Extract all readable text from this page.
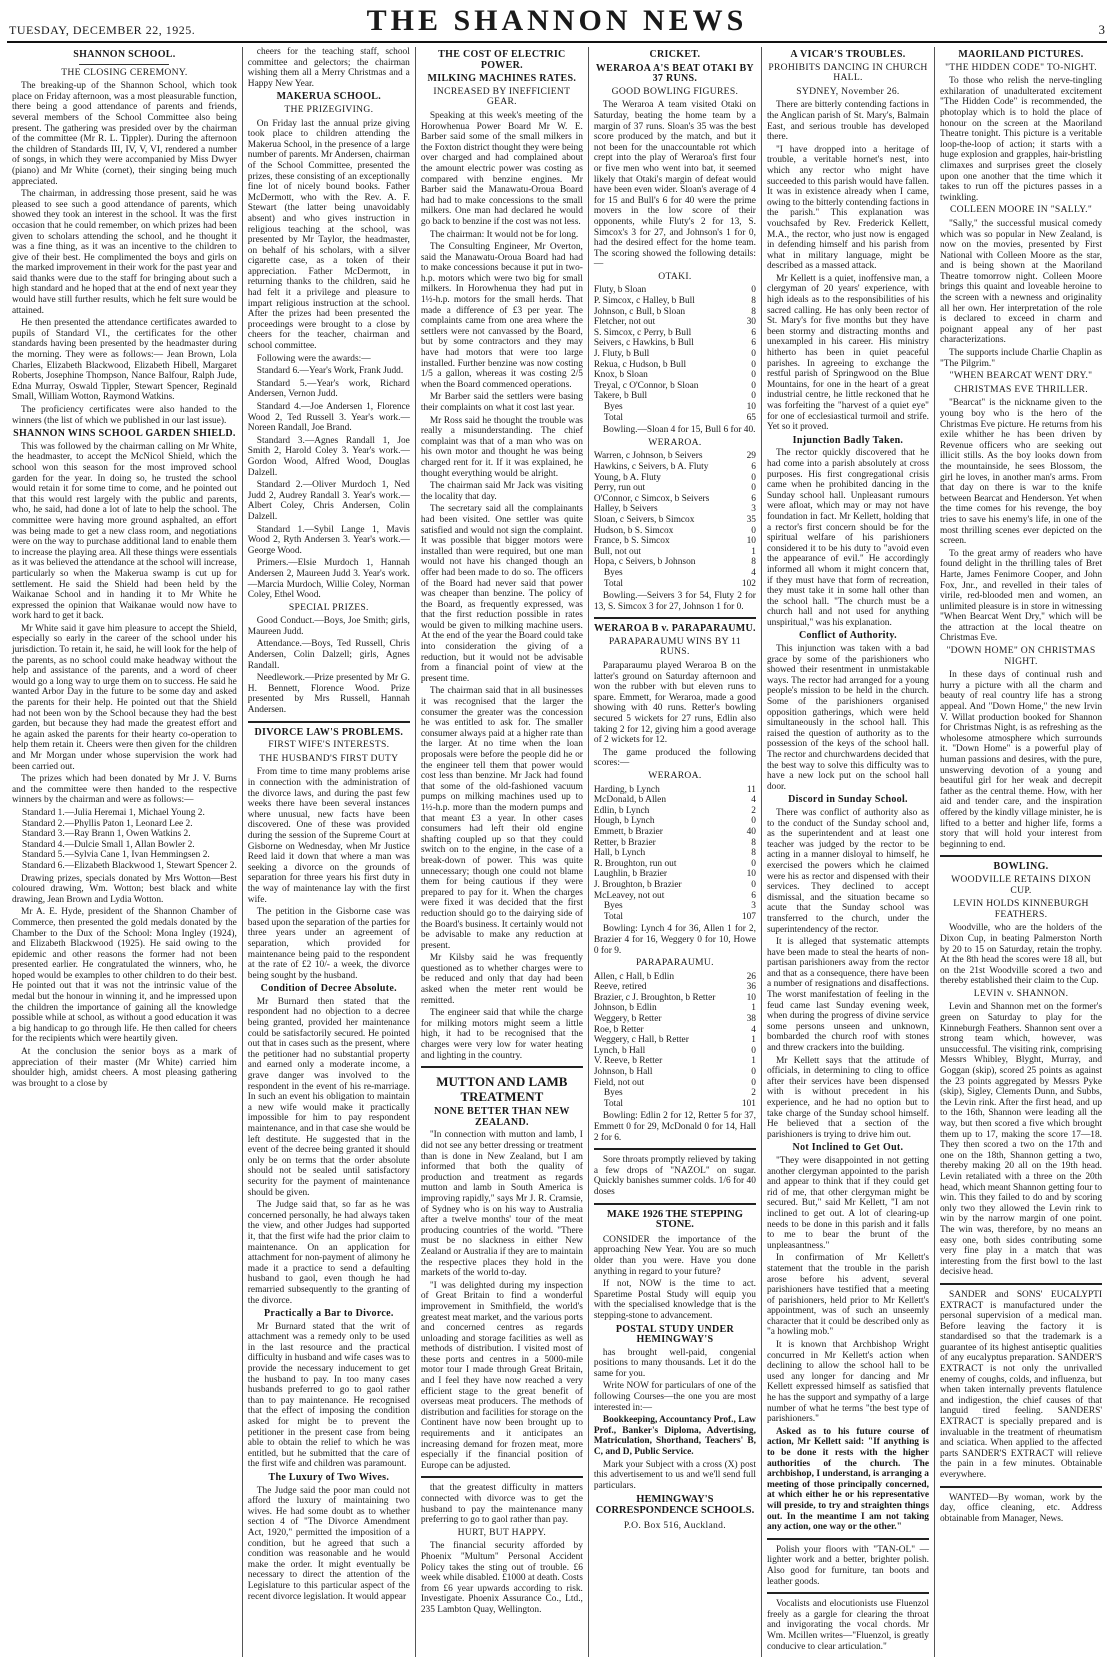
TUESDAY, DECEMBER 22, 1925.	THE SHANNON NEWS	3
SHANNON SCHOOL.
THE CLOSING CEREMONY.

The breaking-up of the Shannon School, which took place on Friday afternoon, was a most pleasurable function, there being a good attendance of parents and friends, several members of the School Committee also being present. The gathering was presided over by the chairman of the committee (Mr R. L. Tippler). During the afternoon the children of Standards III, IV, V, VI, rendered a number of songs, in which they were accompanied by Miss Dwyer (piano) and Mr White (cornet), their singing being much appreciated.

The chairman, in addressing those present, said he was pleased to see such a good attendance of parents, which showed they took an interest in the school. It was the first occasion that he could remember, on which prizes had been given to scholars attending the school, and he thought it was a fine thing, as it was an incentive to the children to give of their best. He complimented the boys and girls on the marked improvement in their work for the past year and said thanks were due to the staff for bringing about such a high standard and he hoped that at the end of next year they would have still further results, which he felt sure would be attained.

He then presented the attendance certificates awarded to pupils of Standard VI., the certificates for the other standards having been presented by the headmaster during the morning. They were as follows:— Jean Brown, Lola Charles, Elizabeth Blackwood, Elizabeth Hibell, Margaret Roberts, Josephine Thompson, Nance Balfour, Ralph Jude, Edna Murray, Oswald Tippler, Stewart Spencer, Reginald Small, William Wotton, Raymond Watkins.

The proficiency certificates were also handed to the winners (the list of which we published in our last issue).

SHANNON WINS SCHOOL GARDEN SHIELD.

This was followed by the chairman calling on Mr White, the headmaster, to accept the McNicol Shield, which the school won this season for the most improved school garden for the year. In doing so, he trusted the school would retain it for some time to come, and he pointed out that this would rest largely with the public and parents, who, he said, had done a lot of late to help the school. The committee were having more ground asphalted, an effort was being made to get a new class room, and negotiations were on the way to purchase additional land to enable them to increase the playing area. All these things were essentials as it was believed the attendance at the school will increase, particularly so when the Makerua swamp is cut up for settlement. He said the Shield had been held by the Waikanae School and in handing it to Mr White he expressed the opinion that Waikanae would now have to work hard to get it back.

Mr White said it gave him pleasure to accept the Shield, especially so early in the career of the school under his jurisdiction. To retain it, he said, he will look for the help of the parents, as no school could make headway without the help and assistance of the parents, and a word of cheer would go a long way to urge them on to success. He said he wanted Arbor Day in the future to be some day and asked the parents for their help. He pointed out that the Shield had not been won by the School because they had the best garden, but because they had made the greatest effort and he again asked the parents for their hearty co-operation to help them retain it. Cheers were then given for the children and Mr Morgan under whose supervision the work had been carried out.

The prizes which had been donated by Mr J. V. Burns and the committee were then handed to the respective winners by the chairman and were as follows:—

Standard 1.—Julia Heremai 1, Michael Young 2.
Standard 2.—Phyllis Paton 1, Leonard Lee 2.
Standard 3.—Ray Brann 1, Owen Watkins 2.
Standard 4.—Dulcie Small 1, Allan Bowler 2.
Standard 5.—Sylvia Cane 1, Ivan Hemmingsen 2.
Standard 6.—Elizabeth Blackwood 1, Stewart Spencer 2.

Drawing prizes, specials donated by Mrs Wotton—Best coloured drawing, Wm. Wotton; best black and white drawing, Jean Brown and Lydia Wotton.

Mr A. E. Hyde, president of the Shannon Chamber of Commerce, then presented the gold medals donated by the Chamber to the Dux of the School: Mona Ingley (1924), and Elizabeth Blackwood (1925). He said owing to the epidemic and other reasons the former had not been presented earlier. He congratulated the winners, who, he hoped would be examples to other children to do their best. He pointed out that it was not the intrinsic value of the medal but the honour in winning it, and he impressed upon the children the importance of gaining all the knowledge possible while at school, as without a good education it was a big handicap to go through life. He then called for cheers for the recipients which were heartily given.

At the conclusion the senior boys as a mark of appreciation of their master (Mr White) carried him shoulder high, amidst cheers. A most pleasing gathering was brought to a close by

cheers for the teaching staff, school committee and gelectors; the chairman wishing them all a Merry Christmas and a Happy New Year.

MAKERUA SCHOOL.
THE PRIZEGIVING.

On Friday last the annual prize giving took place to children attending the Makerua School, in the presence of a large number of parents. Mr Andersen, chairman of the School Committee, presented the prizes, these consisting of an exceptionally fine lot of nicely bound books. Father McDermott, who with the Rev. A. F. Stewart (the latter being unavoidably absent) and who gives instruction in religious teaching at the school, was presented by Mr Taylor, the headmaster, on behalf of his scholars, with a silver cigarette case, as a token of their appreciation. Father McDermott, in returning thanks to the children, said he had felt it a privilege and pleasure to impart religious instruction at the school. After the prizes had been presented the proceedings were brought to a close by cheers for the teacher, chairman and school committee.

Following were the awards:—

Standard 6.—Year's Work, Frank Judd.

Standard 5.—Year's work, Richard Andersen, Vernon Judd.

Standard 4.—Joe Andersen 1, Florence Wood 2, Ted Russell 3. Year's work.—Noreen Randall, Joe Brand.

Standard 3.—Agnes Randall 1, Joe Smith 2, Harold Coley 3. Year's work.—Gordon Wood, Alfred Wood, Douglas Dalzell.

Standard 2.—Oliver Murdoch 1, Ned Judd 2, Audrey Randall 3. Year's work.—Albert Coley, Chris Andersen, Colin Dalzell.

Standard 1.—Sybil Lange 1, Mavis Wood 2, Ryth Andersen 3. Year's work.—George Wood.

Primers.—Elsie Murdoch 1, Hannah Andersen 2, Maureen Judd 3. Year's work.—Marcia Murdoch, Willie Coley, Norman Coley, Ethel Wood.

SPECIAL PRIZES.

Good Conduct.—Boys, Joe Smith; girls, Maureen Judd.

Attendance.—Boys, Ted Russell, Chris Andersen, Colin Dalzell; girls, Agnes Randall.

Needlework.—Prize presented by Mr G. H. Bennett, Florence Wood. Prize presented by Mrs Russell, Hannah Andersen.

DIVORCE LAW'S PROBLEMS.
FIRST WIFE'S INTERESTS.
THE HUSBAND'S FIRST DUTY

From time to time many problems arise in connection with the administration of the divorce laws, and during the past few weeks there have been several instances where unusual, new facts have been discovered. One of these was provided during the session of the Supreme Court at Gisborne on Wednesday, when Mr Justice Reed laid it down that where a man was seeking a divorce on the grounds of separation for three years his first duty in the way of maintenance lay with the first wife.

The petition in the Gisborne case was based upon the separation of the parties for three years under an agreement of separation, which provided for maintenance being paid to the respondent at the rate of £2 10/- a week, the divorce being sought by the husband.

Condition of Decree Absolute.

Mr Burnard then stated that the respondent had no objection to a decree being granted, provided her maintenance could be satisfactorily secured. He pointed out that in cases such as the present, where the petitioner had no substantial property and earned only a moderate income, a grave danger was involved to the respondent in the event of his re-marriage. In such an event his obligation to maintain a new wife would make it practically impossible for him to pay respondent maintenance, and in that case she would be left destitute. He suggested that in the event of the decree being granted it should only be on terms that the order absolute should not be sealed until satisfactory security for the payment of maintenance should be given.

The Judge said that, so far as he was concerned personally, he had always taken the view, and other Judges had supported it, that the first wife had the prior claim to maintenance. On an application for attachment for non-payment of alimony he made it a practice to send a defaulting husband to gaol, even though he had remarried subsequently to the granting of the divorce.

Practically a Bar to Divorce.

Mr Burnard stated that the writ of attachment was a remedy only to be used in the last resource and the practical difficulty in husband and wife cases was to provide the necessary inducement to get the husband to pay. In too many cases husbands preferred to go to gaol rather than to pay maintenance. He recognised that the effect of imposing the condition asked for might be to prevent the petitioner in the present case from being able to obtain the relief to which he was entitled, but he submitted that the care of the first wife and children was paramount.

The Luxury of Two Wives.

The Judge said the poor man could not afford the luxury of maintaining two wives. He had some doubt as to whether section 4 of "The Divorce Amendment Act, 1920," permitted the imposition of a condition, but he agreed that such a condition was reasonable and he would make the order. It might eventually be necessary to direct the attention of the Legislature to this particular aspect of the recent divorce legislation. It would appear

THE COST OF ELECTRIC POWER.
MILKING MACHINES RATES.
INCREASED BY INEFFICIENT GEAR.

Speaking at this week's meeting of the Horowhenua Power Board Mr W. E. Barber said some of the small milkers in the Foxton district thought they were being over charged and had complained about the amount electric power was costing as compared with benzine engines. Mr Barber said the Manawatu-Oroua Board had had to make concessions to the small milkers. One man had declared he would go back to benzine if the cost was not less.

The chairman: It would not be for long.

The Consulting Engineer, Mr Overton, said the Manawatu-Oroua Board had had to make concessions because it put in two-h.p. motors which were two big for small milkers. In Horowhenua they had put in 1½-h.p. motors for the small herds. That made a difference of £3 per year. The complaints came from one area where the settlers were not canvassed by the Board, but by some contractors and they may have had motors that were too large installed. Further benzine was now costing 1/5 a gallon, whereas it was costing 2/5 when the Board commenced operations.

Mr Barber said the settlers were basing their complaints on what it cost last year.

Mr Ross said he thought the trouble was really a misunderstanding. The chief complaint was that of a man who was on his own motor and thought he was being charged rent for it. If it was explained, he thought everything would be alright.

The chairman said Mr Jack was visiting the locality that day.

The secretary said all the complainants had been visited. One settler was quite satisfied and would not sign the complaint. It was possible that bigger motors were installed than were required, but one man would not have his changed though an offer had been made to do so. The officers of the Board had never said that power was cheaper than benzine. The policy of the Board, as frequently expressed, was that the first reduction possible in rates would be given to milking machine users. At the end of the year the Board could take into consideration the giving of a reduction, but it would not be advisable from a financial point of view at the present time.

The chairman said that in all businesses it was recognised that the larger the consumer the greater was the concession he was entitled to ask for. The smaller consumer always paid at a higher rate than the larger. At no time when the loan proposals were before the people did he or the engineer tell them that power would cost less than benzine. Mr Jack had found that some of the old-fashioned vacuum pumps on milking machines used up to 1½-h.p. more than the modern pumps and that meant £3 a year. In other cases consumers had left their old engine shafting coupled up so that they could switch on to the engine, in the case of a break-down of power. This was quite unnecessary; though one could not blame them for being cautious if they were prepared to pay for it. When the charges were fixed it was decided that the first reduction should go to the dairying side of the Board's business. It certainly would not be advisable to make any reduction at present.

Mr Kilsby said he was frequently questioned as to whether charges were to be reduced and only that day had been asked when the meter rent would be remitted.

The engineer said that while the charge for milking motors might seem a little high, it had to be recognised that the charges were very low for water heating and lighting in the country.

MUTTON AND LAMB TREATMENT
NONE BETTER THAN NEW ZEALAND.

"In connection with mutton and lamb, I did not see any better dressing or treatment than is done in New Zealand, but I am informed that both the quality of production and treatment as regards mutton and lamb in South America is improving rapidly," says Mr J. R. Cramsie, of Sydney who is on his way to Australia after a twelve months' tour of the meat producing countries of the world. "There must be no slackness in either New Zealand or Australia if they are to maintain the respective places they hold in the markets of the world to-day.

"I was delighted during my inspection of Great Britain to find a wonderful improvement in Smithfield, the world's greatest meat market, and the various ports and concerned centres as regards unloading and storage facilities as well as methods of distribution. I visited most of these ports and centres in a 5000-mile motor tour I made through Great Britain, and I feel they have now reached a very efficient stage to the great benefit of overseas meat producers. The methods of distribution and facilities for storage on the Continent have now been brought up to requirements and it anticipates an increasing demand for frozen meat, more especially if the financial position of Europe can be adjusted.

that the greatest difficulty in matters connected with divorce was to get the husband to pay the maintenance many preferring to go to gaol rather than pay.

HURT, BUT HAPPY.

The financial security afforded by Phoenix "Multum" Personal Accident Policy takes the sting out of trouble. £6 week while disabled. £1000 at death. Costs from £6 year upwards according to risk. Investigate. Phoenix Assurance Co., Ltd., 235 Lambton Quay, Wellington.

CRICKET.
WERAROA A'S BEAT OTAKI BY 37 RUNS.
GOOD BOWLING FIGURES.

The Weraroa A team visited Otaki on Saturday, beating the home team by a margin of 37 runs. Sloan's 35 was the best score produced by the match, and but it not been for the unaccountable rot which crept into the play of Weraroa's first four or five men who went into bat, it seemed likely that Otaki's margin of defeat would have been even wider. Sloan's average of 4 for 15 and Bull's 6 for 40 were the prime movers in the low score of their opponents, while Fluty's 2 for 13, S. Simcox's 3 for 27, and Johnson's 1 for 0, had the desired effect for the home team. The scoring showed the following details:—

OTAKI.
Fluty, b Sloan	0
P. Simcox, c Halley, b Bull	8
Johnson, c Bull, b Sloan	8
Fletcher, not out	30
S. Simcox, c Perry, b Bull	6
Seivers, c Hawkins, b Bull	6
J. Fluty, b Bull	0
Rekua, c Hudson, b Bull	0
Knox, b Sloan	0
Treyal, c O'Connor, b Sloan	0
Takere, b Bull	0
Byes	10
Total	65

Bowling.—Sloan 4 for 15, Bull 6 for 40.

WERAROA.
Warren, c Johnson, b Seivers	29
Hawkins, c Seivers, b A. Fluty	6
Young, b A. Fluty	0
Perry, run out	0
O'Connor, c Simcox, b Seivers	6
Halley, b Seivers	3
Sloan, c Seivers, b Simcox	35
Hudson, b S. Simcox	0
France, b S. Simcox	10
Bull, not out	1
Hopa, c Seivers, b Johnson	8
Byes	4
Total	102

Bowling.—Seivers 3 for 54, Fluty 2 for 13, S. Simcox 3 for 27, Johnson 1 for 0.

WERAROA B v. PARAPARAUMU.
PARAPARAUMU WINS BY 11 RUNS.

Paraparaumu played Weraroa B on the latter's ground on Saturday afternoon and won the rubber with but eleven runs to spare. Emmett, for Weraroa, made a good showing with 40 runs. Retter's bowling secured 5 wickets for 27 runs, Edlin also taking 2 for 12, giving him a good average of 2 wickets for 12.

The game produced the following scores:—

WERAROA.
Harding, b Lynch	11
McDonald, b Allen	4
Edlin, b Lynch	2
Hough, b Lynch	0
Emmett, b Brazier	40
Retter, b Brazier	8
Hall, b Lynch	8
R. Broughton, run out	0
Laughlin, b Brazier	10
J. Broughton, b Brazier	0
McLeavey, not out	6
Byes	3
Total	107

Bowling: Lynch 4 for 36, Allen 1 for 2, Brazier 4 for 16, Weggery 0 for 10, Howe 0 for 9.

PARAPARAUMU.
Allen, c Hall, b Edlin	26
Reeve, retired	36
Brazier, c J. Broughton, b Retter	10
Johnson, b Edlin	1
Weggery, b Retter	38
Roe, b Retter	4
Weggery, c Hall, b Retter	1
Lynch, b Hall	0
V. Reeve, b Retter	1
Johnson, b Hall	0
Field, not out	0
Byes	2
Total	101

Bowling: Edlin 2 for 12, Retter 5 for 37, Emmett 0 for 29, McDonald 0 for 14, Hall 2 for 6.

Sore throats promptly relieved by taking a few drops of "NAZOL" on sugar. Quickly banishes summer colds. 1/6 for 40 doses

MAKE 1926 THE STEPPING STONE.

CONSIDER the importance of the approaching New Year. You are so much older than you were. Have you done anything in regard to your future?

If not, NOW is the time to act. Sparetime Postal Study will equip you with the specialised knowledge that is the stepping-stone to advancement.

POSTAL STUDY UNDER HEMINGWAY'S

has brought well-paid, congenial positions to many thousands. Let it do the same for you.

Write NOW for particulars of one of the following Courses—the one you are most interested in:—

Bookkeeping, Accountancy Prof., Law Prof., Banker's Diploma, Advertising, Matriculation, Shorthand, Teachers' B, C, and D, Public Service.

Mark your Subject with a cross (X) post this advertisement to us and we'll send full particulars.

HEMINGWAY'S CORRESPONDENCE SCHOOLS.
P.O. Box 516, Auckland.
A VICAR'S TROUBLES.
PROHIBITS DANCING IN CHURCH HALL.
SYDNEY, November 26.

There are bitterly contending factions in the Anglican parish of St. Mary's, Balmain East, and serious trouble has developed there.

"I have dropped into a heritage of trouble, a veritable hornet's nest, into which any rector who might have succeeded to this parish would have fallen. It was in existence already when I came, owing to the bitterly contending factions in the parish." This explanation was vouchsafed by Rev. Frederick Kellett, M.A., the rector, who just now is engaged in defending himself and his parish from what in military language, might be described as a massed attack.

Mr Kellett is a quiet, inoffensive man, a clergyman of 20 years' experience, with high ideals as to the responsibilities of his sacred calling. He has only been rector of St. Mary's for five months but they have been stormy and distracting months and unexampled in his career. His ministry hitherto has been in quiet peaceful parishes. In agreeing to exchange the restful parish of Springwood on the Blue Mountains, for one in the heart of a great industrial centre, he little reckoned that he was forfeiting the "harvest of a quiet eye" for one of ecclesiastical turmoil and strife. Yet so it proved.

Injunction Badly Taken.

The rector quickly discovered that he had come into a parish absolutely at cross purposes. His first congregational crisis came when he prohibited dancing in the Sunday school hall. Unpleasant rumours were afloat, which may or may not have foundation in fact. Mr Kellett, holding that a rector's first concern should be for the spiritual welfare of his parishioners considered it to be his duty to "avoid even the appearance of evil." He accordingly informed all whom it might concern that, if they must have that form of recreation, they must take it in some hall other than the school hall. "The church must be a church hall and not used for anything unspiritual," was his explanation.

Conflict of Authority.

This injunction was taken with a bad grace by some of the parishioners who showed their resentment in unmistakable ways. The rector had arranged for a young people's mission to be held in the church. Some of the parishioners organised opposition gatherings, which were held simultaneously in the school hall. This raised the question of authority as to the possession of the keys of the school hall. The rector and churchwardens decided that the best way to solve this difficulty was to have a new lock put on the school hall door.

Discord in Sunday School.

There was conflict of authority also as to the conduct of the Sunday school and, as the superintendent and at least one teacher was judged by the rector to be acting in a manner disloyal to himself, he exercised the powers which he claimed were his as rector and dispensed with their services. They declined to accept dismissal, and the situation became so acute that the Sunday school was transferred to the church, under the superintendency of the rector.

It is alleged that systematic attempts have been made to steal the hearts of non-partisan parishioners away from the rector and that as a consequence, there have been a number of resignations and disaffections. The worst manifestation of feeling in the feud came last Sunday evening week, when during the progress of divine service some persons unseen and unknown, bombarded the church roof with stones and threw crackers into the building.

Mr Kellett says that the attitude of officials, in determining to cling to office after their services have been dispensed with is without precedent in his experience, and he had no option but to take charge of the Sunday school himself. He believed that a section of the parishioners is trying to drive him out.

Not Inclined to Get Out.

"They were disappointed in not getting another clergyman appointed to the parish and appear to think that if they could get rid of me, that other clergyman might be secured. But," said Mr Kellett, "I am not inclined to get out. A lot of clearing-up needs to be done in this parish and it falls to me to bear the brunt of the unpleasantness."

In confirmation of Mr Kellett's statement that the trouble in the parish arose before his advent, several parishioners have testified that a meeting of parishioners, held prior to Mr Kellett's appointment, was of such an unseemly character that it could be described only as "a howling mob."

It is known that Archbishop Wright concurred in Mr Kellett's action when declining to allow the school hall to be used any longer for dancing and Mr Kellett expressed himself as satisfied that he has the support and sympathy of a large number of what he terms "the best type of parishioners."

Asked as to his future course of action, Mr Kellett said: "If anything is to be done it rests with the higher authorities of the church. The archbishop, I understand, is arranging a meeting of those principally concerned, at which either he or his representative will preside, to try and straighten things out. In the meantime I am not taking any action, one way or the other."

Polish your floors with "TAN-OL" —lighter work and a better, brighter polish. Also good for furniture, tan boots and leather goods.

Vocalists and elocutionists use Fluenzol freely as a gargle for clearing the throat and invigorating the vocal chords. Mr Wm. Mcillen writes—"Fluenzol, is greatly conducive to clear articulation."

MAORILAND PICTURES.
"THE HIDDEN CODE" TO-NIGHT.

To those who relish the nerve-tingling exhilaration of unadulterated excitement "The Hidden Code" is recommended, the photoplay which is to hold the place of honour on the screen at the Maoriland Theatre tonight. This picture is a veritable loop-the-loop of action; it starts with a huge explosion and grapples, hair-bristling climaxes and surprises greet the closely upon one another that the time which it takes to run off the pictures passes in a twinkling.

COLLEEN MOORE IN "SALLY."

"Sally," the successful musical comedy which was so popular in New Zealand, is now on the movies, presented by First National with Colleen Moore as the star, and is being shown at the Maoriland Theatre tomorrow night. Colleen Moore brings this quaint and loveable heroine to the screen with a newness and originality all her own. Her interpretation of the role is declared to exceed in charm and poignant appeal any of her past characterizations.

The supports include Charlie Chaplin as "The Pilgrim."

"WHEN BEARCAT WENT DRY."
CHRISTMAS EVE THRILLER.

"Bearcat" is the nickname given to the young boy who is the hero of the Christmas Eve picture. He returns from his exile whither he has been driven by Revenue officers who are seeking out illicit stills. As the boy looks down from the mountainside, he sees Blossom, the girl he loves, in another man's arms. From that day on there is war to the knife between Bearcat and Henderson. Yet when the time comes for his revenge, the boy tries to save his enemy's life, in one of the most thrilling scenes ever depicted on the screen.

To the great army of readers who have found delight in the thrilling tales of Bret Harte, James Fenimore Cooper, and John Fox, Jnr., and revelled in their tales of virile, red-blooded men and women, an unlimited pleasure is in store in witnessing "When Bearcat Went Dry," which will be the attraction at the local theatre on Christmas Eve.

"DOWN HOME" ON CHRISTMAS NIGHT.

In these days of continual rush and hurry a picture with all the charm and beauty of real country life has a strong appeal. And "Down Home," the new Irvin V. Willat production booked for Shannon for Christmas Night, is as refreshing as the wholesome atmosphere which surrounds it. "Down Home" is a powerful play of human passions and desires, with the pure, unswerving devotion of a young and beautiful girl for her weak and decrepit father as the central theme. How, with her aid and tender care, and the inspiration offered by the kindly village minister, he is lifted to a better and higher life, forms a story that will hold your interest from beginning to end.

BOWLING.
WOODVILLE RETAINS DIXON CUP.
LEVIN HOLDS KINNEBURGH FEATHERS.

Woodville, who are the holders of the Dixon Cup, in beating Palmerston North by 20 to 15 on Saturday, retain the trophy. At the 8th head the scores were 18 all, but on the 21st Woodville scored a two and thereby established their claim to the Cup.

LEVIN v. SHANNON.

Levin and Shannon met on the former's green on Saturday to play for the Kinneburgh Feathers. Shannon sent over a strong team which, however, was unsuccessful. The visiting rink, comprising Messrs Whibley, Blyght, Murray, and Goggan (skip), scored 25 points as against the 23 points aggregated by Messrs Pyke (skip), Sigley, Clements Dunn, and Subbs, the Levin rink. After the first head, and up to the 16th, Shannon were leading all the way, but then scored a five which brought them up to 17, making the score 17—18. They then scored a two on the 17th and one on the 18th, Shannon getting a two, thereby making 20 all on the 19th head. Levin retaliated with a three on the 20th head, which meant Shannon getting four to win. This they failed to do and by scoring only two they allowed the Levin rink to win by the narrow margin of one point. The win was, therefore, by no means an easy one, both sides contributing some very fine play in a match that was interesting from the first bowl to the last decisive head.

SANDER and SONS' EUCALYPTI EXTRACT is manufactured under the personal supervision of a medical man. Before leaving the factory it is standardised so that the trademark is a guarantee of its highest antiseptic qualities of any eucalyptus preparation. SANDER'S EXTRACT is not only the unrivalled enemy of coughs, colds, and influenza, but when taken internally prevents flatulence and indigestion, the chief causes of that languid tired feeling. SANDERS' EXTRACT is specially prepared and is invaluable in the treatment of rheumatism and sciatica. When applied to the affected parts SANDER'S EXTRACT will relieve the pain in a few minutes. Obtainable everywhere.

WANTED—By woman, work by the day, office cleaning, etc. Address obtainable from Manager, News.
